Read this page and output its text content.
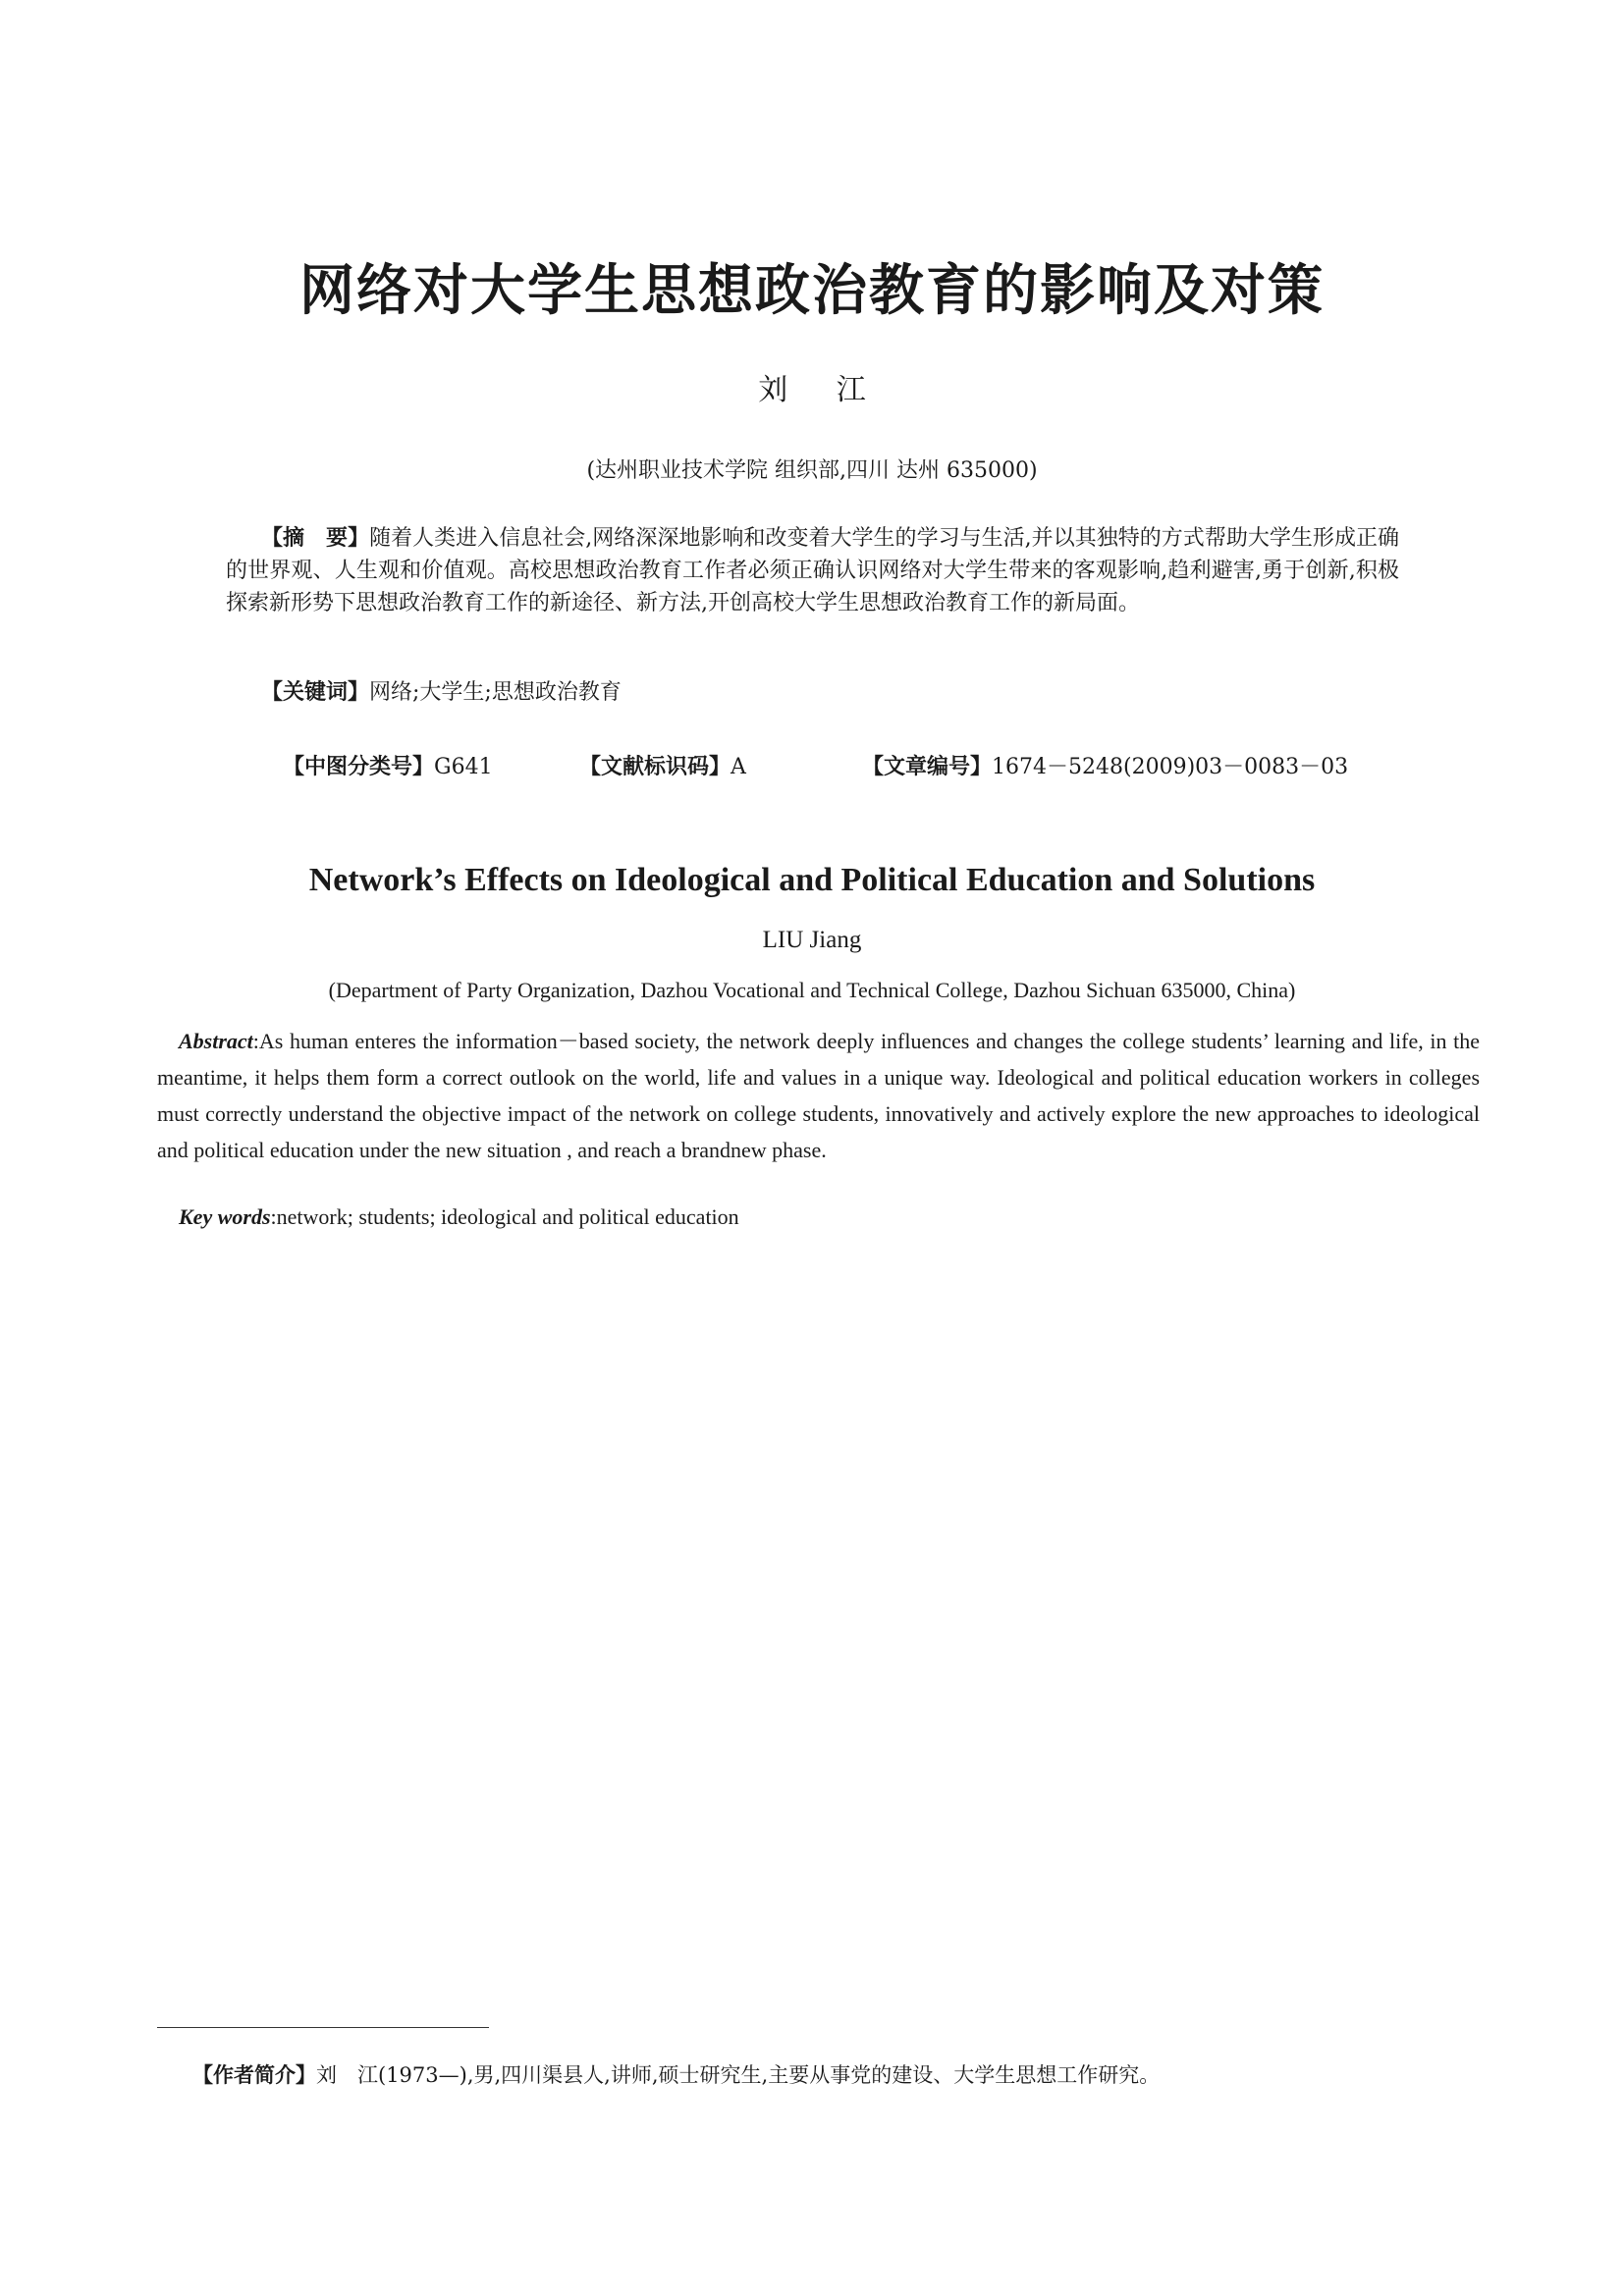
网络对大学生思想政治教育的影响及对策
刘 江
(达州职业技术学院 组织部,四川 达州 635000)
【摘　要】随着人类进入信息社会,网络深深地影响和改变着大学生的学习与生活,并以其独特的方式帮助大学生形成正确的世界观、人生观和价值观。高校思想政治教育工作者必须正确认识网络对大学生带来的客观影响,趋利避害,勇于创新,积极探索新形势下思想政治教育工作的新途径、新方法,开创高校大学生思想政治教育工作的新局面。
【关键词】网络;大学生;思想政治教育
【中图分类号】G641	【文献标识码】A	【文章编号】1674－5248(2009)03－0083－03
Network’s Effects on Ideological and Political Education and Solutions
LIU Jiang
(Department of Party Organization, Dazhou Vocational and Technical College, Dazhou Sichuan 635000, China)
Abstract:As human enteres the information－based society, the network deeply influences and changes the college students’ learning and life, in the meantime, it helps them form a correct outlook on the world, life and values in a unique way. Ideological and political education workers in colleges must correctly understand the objective impact of the network on college students, innovatively and actively explore the new approaches to ideological and political education under the new situation , and reach a brandnew phase.
Key words:network; students; ideological and political education
【作者简介】刘　江(1973—),男,四川渠县人,讲师,硕士研究生,主要从事党的建设、大学生思想工作研究。
